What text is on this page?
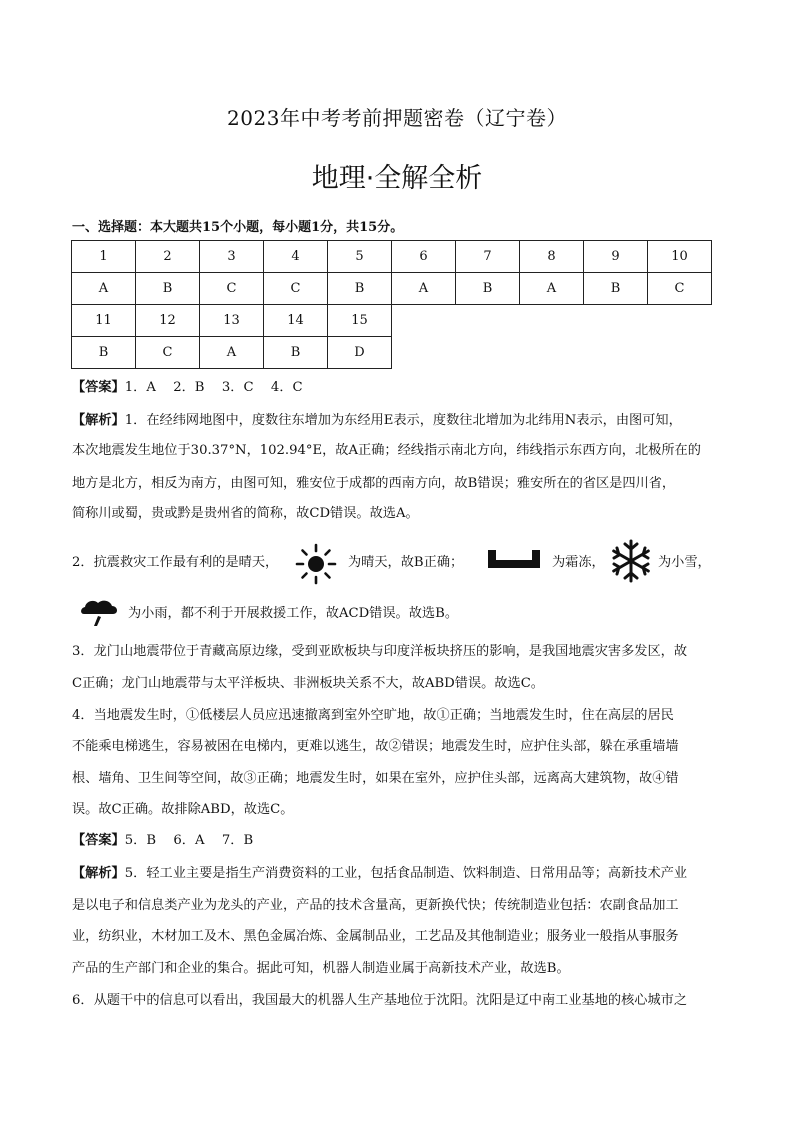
2023年中考考前押题密卷（辽宁卷）
地理·全解全析
一、选择题：本大题共15个小题，每小题1分，共15分。
1	2	3	4	5	6	7	8	9	10
A	B	C	C	B	A	B	A	B	C
11	12	13	14	15					
B	C	A	B	D					
【答案】1．A　 2．B　 3．C　 4．C
【解析】1．在经纬网地图中，度数往东增加为东经用E表示，度数往北增加为北纬用N表示，由图可知，
本次地震发生地位于30.37°N，102.94°E，故A正确；经线指示南北方向，纬线指示东西方向，北极所在的
地方是北方，相反为南方，由图可知，雅安位于成都的西南方向，故B错误；雅安所在的省区是四川省，
简称川或蜀，贵或黔是贵州省的简称，故CD错误。故选A。
2．抗震救灾工作最有利的是晴天，	为晴天，故B正确；	为霜冻，	为小雪，
为小雨，都不利于开展救援工作，故ACD错误。故选B。
3．龙门山地震带位于青藏高原边缘，受到亚欧板块与印度洋板块挤压的影响，是我国地震灾害多发区，故
C正确；龙门山地震带与太平洋板块、非洲板块关系不大，故ABD错误。故选C。
4．当地震发生时，①低楼层人员应迅速撤离到室外空旷地，故①正确；当地震发生时，住在高层的居民
不能乘电梯逃生，容易被困在电梯内，更难以逃生，故②错误；地震发生时，应护住头部，躲在承重墙墙
根、墙角、卫生间等空间，故③正确；地震发生时，如果在室外，应护住头部，远离高大建筑物，故④错
误。故C正确。故排除ABD，故选C。
【答案】5．B　 6．A　 7．B
【解析】5．轻工业主要是指生产消费资料的工业，包括食品制造、饮料制造、日常用品等；高新技术产业
是以电子和信息类产业为龙头的产业，产品的技术含量高，更新换代快；传统制造业包括：农副食品加工
业，纺织业，木材加工及木、黑色金属冶炼、金属制品业，工艺品及其他制造业；服务业一般指从事服务
产品的生产部门和企业的集合。据此可知，机器人制造业属于高新技术产业，故选B。
6．从题干中的信息可以看出，我国最大的机器人生产基地位于沈阳。沈阳是辽中南工业基地的核心城市之
